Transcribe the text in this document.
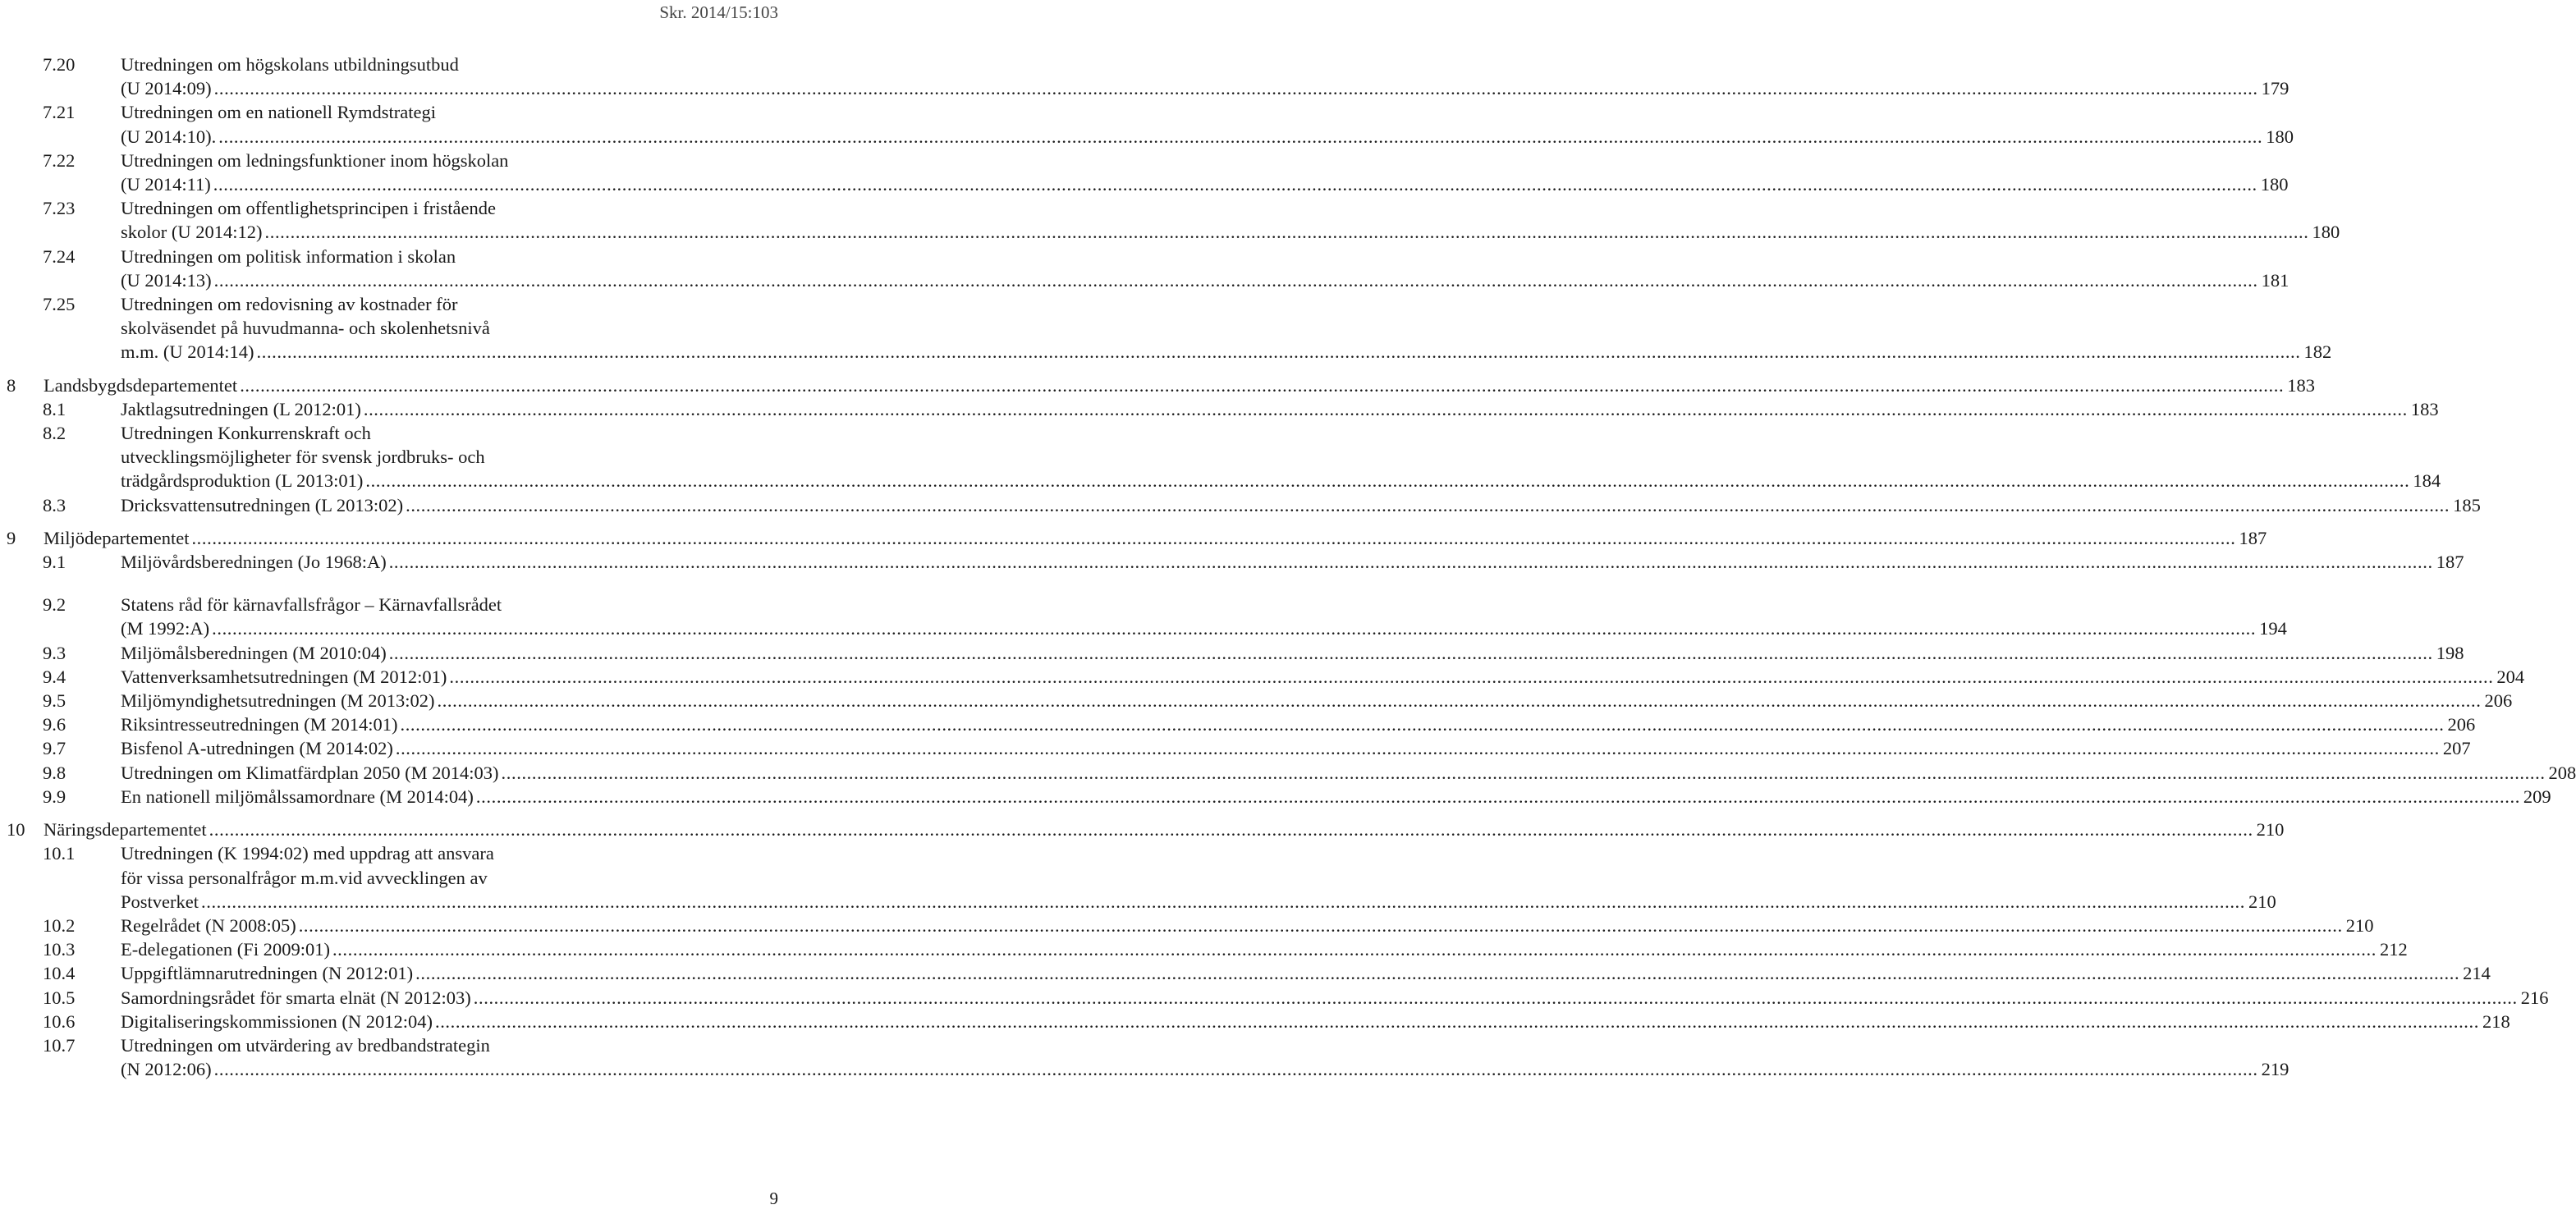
Skr. 2014/15:103
7.20 Utredningen om högskolans utbildningsutbud
(U 2014:09) ................................................................................................................................................................................................................................................................................................................................................................................................................ 179
7.21 Utredningen om en nationell Rymdstrategi
(U 2014:10). ................................................................................................................................................................................................................................................................................................................................................................................................................ 180
7.22 Utredningen om ledningsfunktioner inom högskolan
(U 2014:11) ................................................................................................................................................................................................................................................................................................................................................................................................................ 180
7.23 Utredningen om offentlighetsprincipen i fristående
skolor (U 2014:12) ................................................................................................................................................................................................................................................................................................................................................................................................................ 180
7.24 Utredningen om politisk information i skolan
(U 2014:13) ................................................................................................................................................................................................................................................................................................................................................................................................................ 181
7.25 Utredningen om redovisning av kostnader för
skolväsendet på huvudmanna- och skolenhetsnivå
m.m. (U 2014:14) ................................................................................................................................................................................................................................................................................................................................................................................................................ 182
8 Landsbygdsdepartementet ................................................................................................................................................................................................................................................................................................................................................................................................................ 183
8.1	Jaktlagsutredningen (L 2012:01) ................................................................................................................................................................................................................................................................................................................................................................................................................ 183
8.2	Utredningen Konkurrenskraft och
utvecklingsmöjligheter för svensk jordbruks- och
trädgårdsproduktion (L 2013:01) ................................................................................................................................................................................................................................................................................................................................................................................................................ 184
8.3	Dricksvattensutredningen (L 2013:02) ................................................................................................................................................................................................................................................................................................................................................................................................................ 185
9 Miljödepartementet ................................................................................................................................................................................................................................................................................................................................................................................................................ 187
9.1	Miljövårdsberedningen (Jo 1968:A) ................................................................................................................................................................................................................................................................................................................................................................................................................ 187
9.2	Statens råd för kärnavfallsfrågor – Kärnavfallsrådet
(M 1992:A) ................................................................................................................................................................................................................................................................................................................................................................................................................ 194
9.3	Miljömålsberedningen (M 2010:04) ................................................................................................................................................................................................................................................................................................................................................................................................................ 198
9.4	Vattenverksamhetsutredningen (M 2012:01) ................................................................................................................................................................................................................................................................................................................................................................................................................ 204
9.5	Miljömyndighetsutredningen (M 2013:02) ................................................................................................................................................................................................................................................................................................................................................................................................................ 206
9.6	Riksintresseutredningen (M 2014:01) ................................................................................................................................................................................................................................................................................................................................................................................................................ 206
9.7	Bisfenol A-utredningen (M 2014:02) ................................................................................................................................................................................................................................................................................................................................................................................................................ 207
9.8	Utredningen om Klimatfärdplan 2050 (M 2014:03) ................................................................................................................................................................................................................................................................................................................................................................................................................ 208
9.9	En nationell miljömålssamordnare (M 2014:04) ................................................................................................................................................................................................................................................................................................................................................................................................................ 209
10 Näringsdepartementet ................................................................................................................................................................................................................................................................................................................................................................................................................ 210
10.1 Utredningen (K 1994:02) med uppdrag att ansvara
för vissa personalfrågor m.m.vid avvecklingen av
Postverket ................................................................................................................................................................................................................................................................................................................................................................................................................ 210
10.2 Regelrådet (N 2008:05) ................................................................................................................................................................................................................................................................................................................................................................................................................ 210
10.3 E-delegationen (Fi 2009:01) ................................................................................................................................................................................................................................................................................................................................................................................................................ 212
10.4 Uppgiftlämnarutredningen (N 2012:01) ................................................................................................................................................................................................................................................................................................................................................................................................................ 214
10.5 Samordningsrådet för smarta elnät (N 2012:03) ................................................................................................................................................................................................................................................................................................................................................................................................................ 216
10.6 Digitaliseringskommissionen (N 2012:04) ................................................................................................................................................................................................................................................................................................................................................................................................................ 218
10.7 Utredningen om utvärdering av bredbandstrategin
(N 2012:06) ................................................................................................................................................................................................................................................................................................................................................................................................................ 219
9
